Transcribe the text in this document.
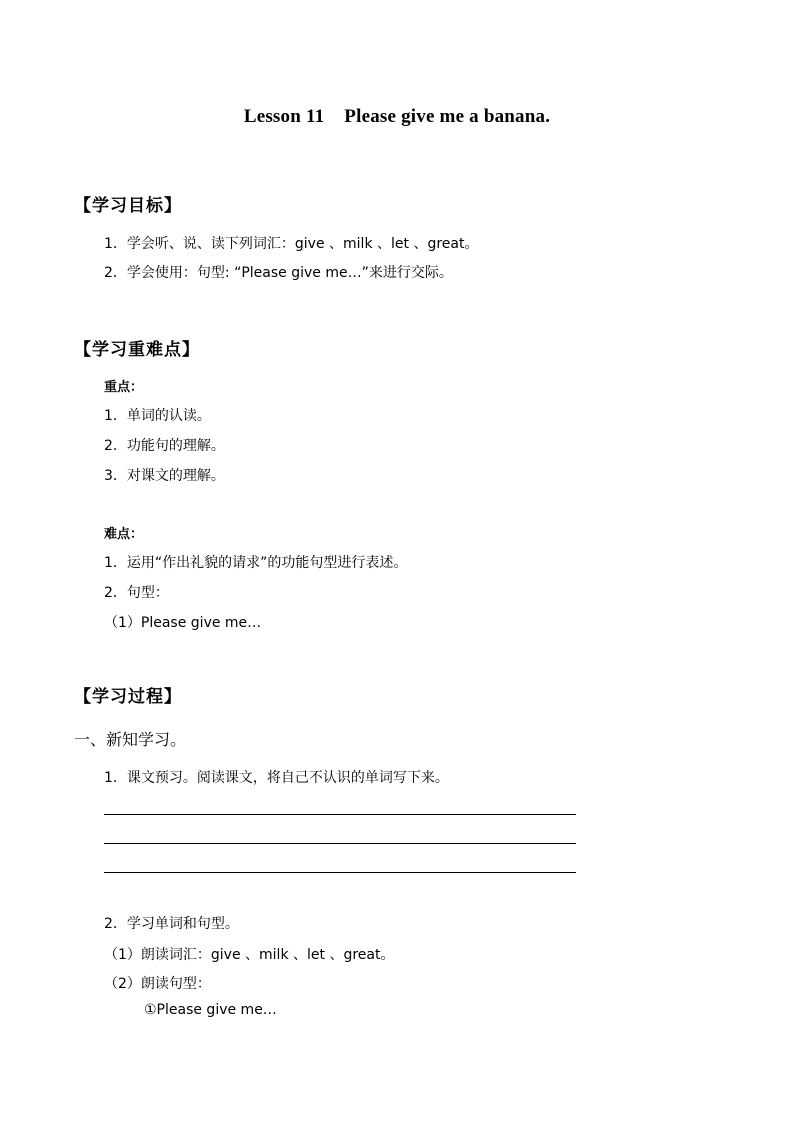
Lesson 11 Please give me a banana.
【学习目标】
1．学会听、说、读下列词汇：give 、milk 、let 、great。
2．学会使用：句型: “Please give me…”来进行交际。
【学习重难点】
重点：
1．单词的认读。
2．功能句的理解。
3．对课文的理解。
难点：
1．运用“作出礼貌的请求”的功能句型进行表述。
2．句型：
（1）Please give me…
【学习过程】
一、新知学习。
1．课文预习。阅读课文，将自己不认识的单词写下来。
2．学习单词和句型。
（1）朗读词汇：give 、milk 、let 、great。
（2）朗读句型：
①Please give me…
